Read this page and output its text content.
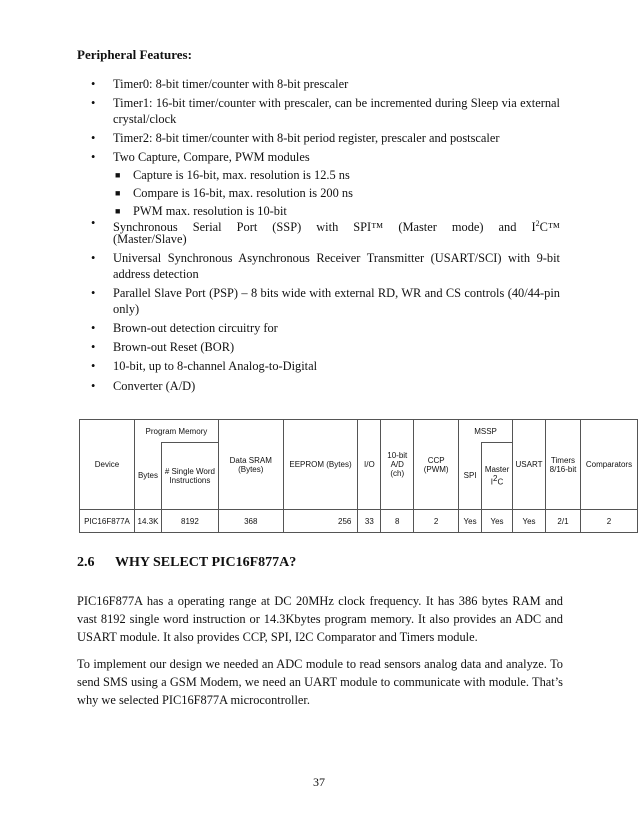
Peripheral Features:
• Timer0: 8-bit timer/counter with 8-bit prescaler
• Timer1: 16-bit timer/counter with prescaler, can be incremented during Sleep via external crystal/clock
• Timer2: 8-bit timer/counter with 8-bit period register, prescaler and postscaler
• Two Capture, Compare, PWM modules
■ Capture is 16-bit, max. resolution is 12.5 ns
■ Compare is 16-bit, max. resolution is 200 ns
■ PWM max. resolution is 10-bit
• Synchronous Serial Port (SSP) with SPI™ (Master mode) and $I^2C™$
(Master/Slave)
• Universal Synchronous Asynchronous Receiver Transmitter (USART/SCI) with 9-bit address detection
• Parallel Slave Port (PSP) – 8 bits wide with external RD, WR and CS controls (40/44-pin only)
• Brown-out detection circuitry for
• Brown-out Reset (BOR)
• 10-bit, up to 8-channel Analog-to-Digital
• Converter (A/D)
Device	Program Memory		Data SRAM (Bytes)	EEPROM (Bytes)	I/O	10-bit A/D (ch)	CCP (PWM)	MSSP		USART	Timers 8/16-bit	Comparators
	Bytes	# Single Word Instructions						SPI	Master $I^2C$			
PIC16F877A	14.3K	8192	368	256	33	8	2	Yes	Yes	Yes	2/1	2
2.6 WHY SELECT PIC16F877A?

PIC16F877A has a operating range at DC 20MHz clock frequency. It has 386 bytes RAM and vast 8192 single word instruction or 14.3Kbytes program memory. It also provides an ADC and USART module. It also provides CCP, SPI, I2C Comparator and Timers module.

To implement our design we needed an ADC module to read sensors analog data and analyze. To send SMS using a GSM Modem, we need an UART module to communicate with module. That’s why we selected PIC16F877A microcontroller.

37
